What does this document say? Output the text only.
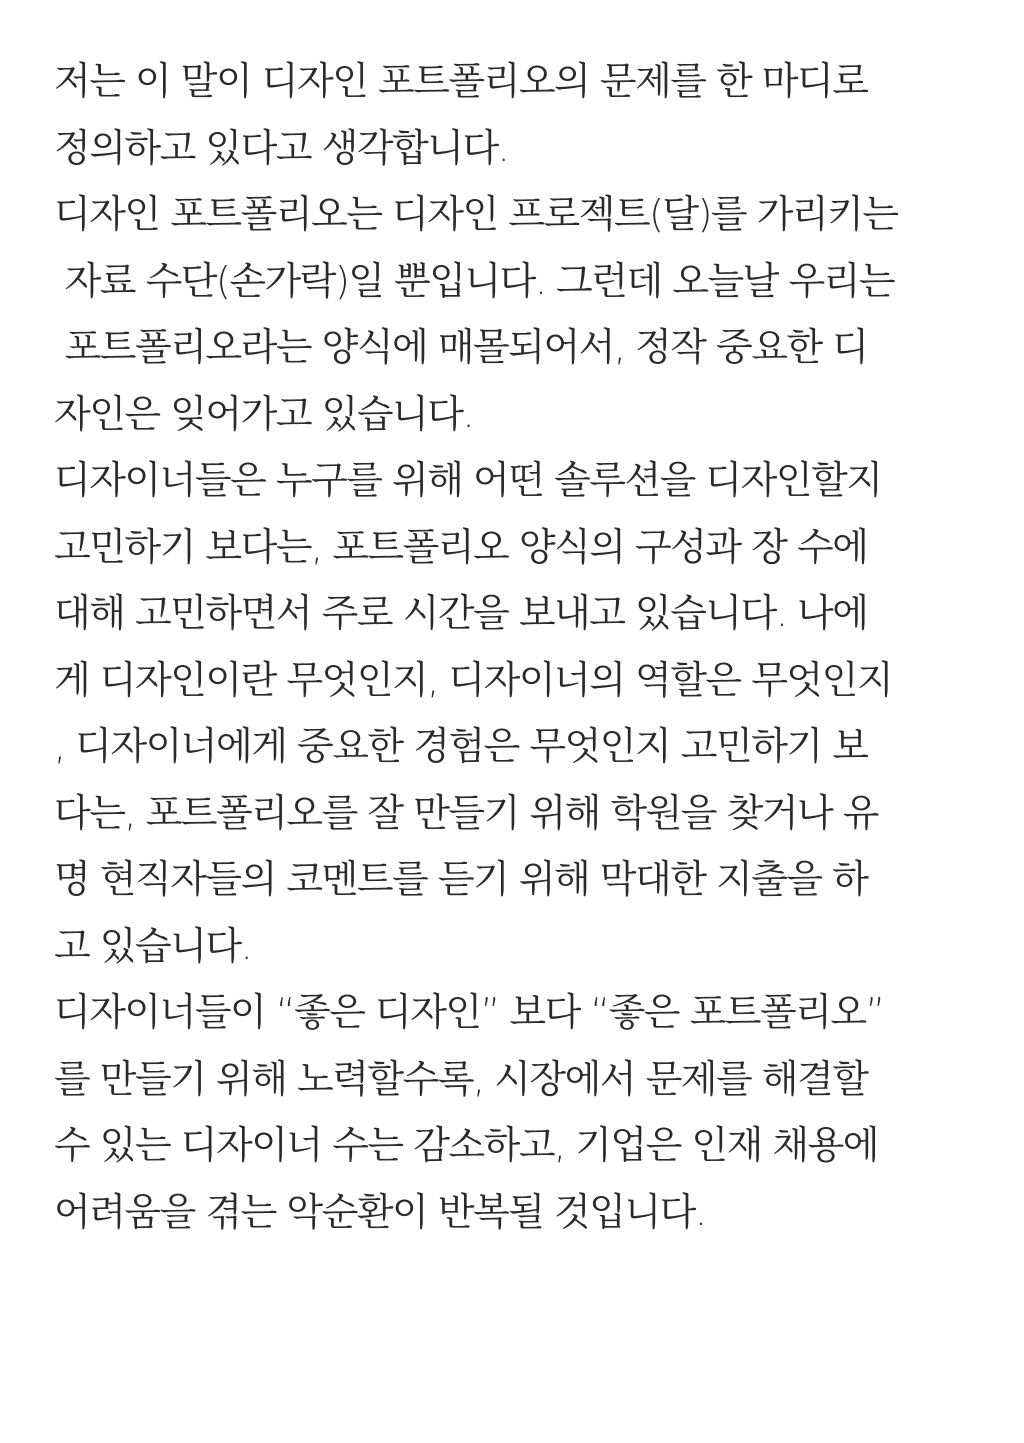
저는 이 말이 디자인 포트폴리오의 문제를 한 마디로
정의하고 있다고 생각합니다.
디자인 포트폴리오는 디자인 프로젝트(달)를 가리키는
자료 수단(손가락)일 뿐입니다. 그런데 오늘날 우리는
포트폴리오라는 양식에 매몰되어서, 정작 중요한 디
자인은 잊어가고 있습니다.
디자이너들은 누구를 위해 어떤 솔루션을 디자인할지
고민하기 보다는, 포트폴리오 양식의 구성과 장 수에
대해 고민하면서 주로 시간을 보내고 있습니다. 나에
게 디자인이란 무엇인지, 디자이너의 역할은 무엇인지
, 디자이너에게 중요한 경험은 무엇인지 고민하기 보
다는, 포트폴리오를 잘 만들기 위해 학원을 찾거나 유
명 현직자들의 코멘트를 듣기 위해 막대한 지출을 하
고 있습니다.
디자이너들이 “좋은 디자인” 보다 “좋은 포트폴리오”
를 만들기 위해 노력할수록, 시장에서 문제를 해결할
수 있는 디자이너 수는 감소하고, 기업은 인재 채용에
어려움을 겪는 악순환이 반복될 것입니다.
